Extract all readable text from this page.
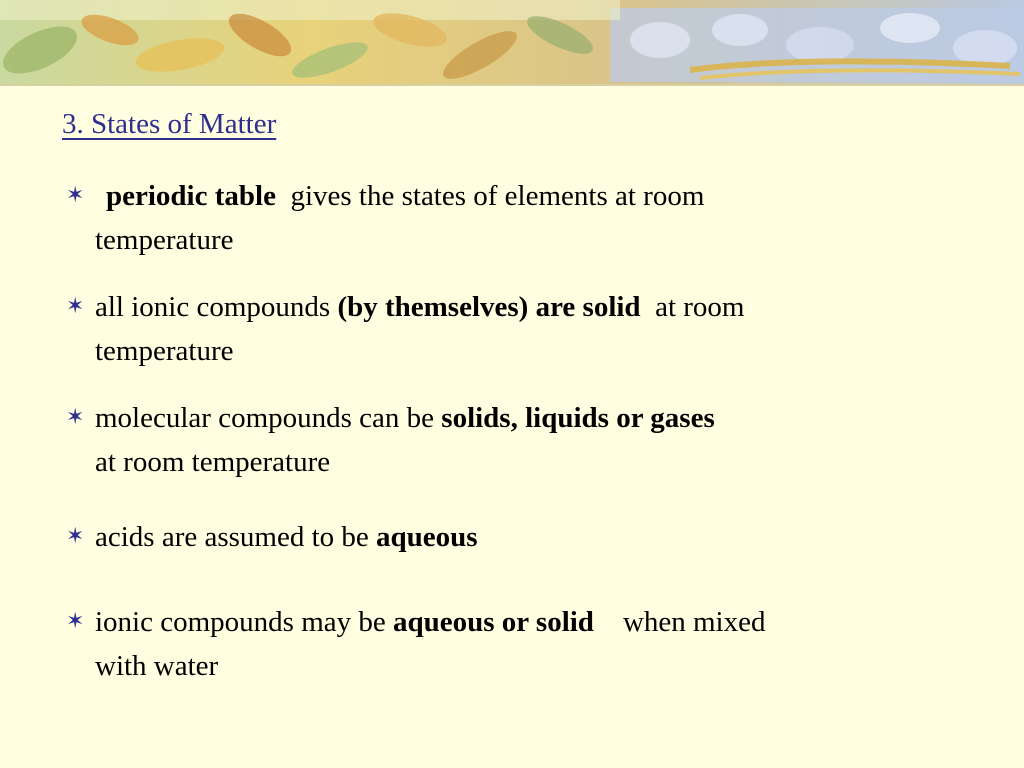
3. States of Matter
✶ periodic table gives the states of elements at room
temperature
✶ all ionic compounds (by themselves) are solid at room
temperature
✶ molecular compounds can be solids, liquids or gases
at room temperature
✶ acids are assumed to be aqueous
✶ ionic compounds may be aqueous or solid when mixed
with water
